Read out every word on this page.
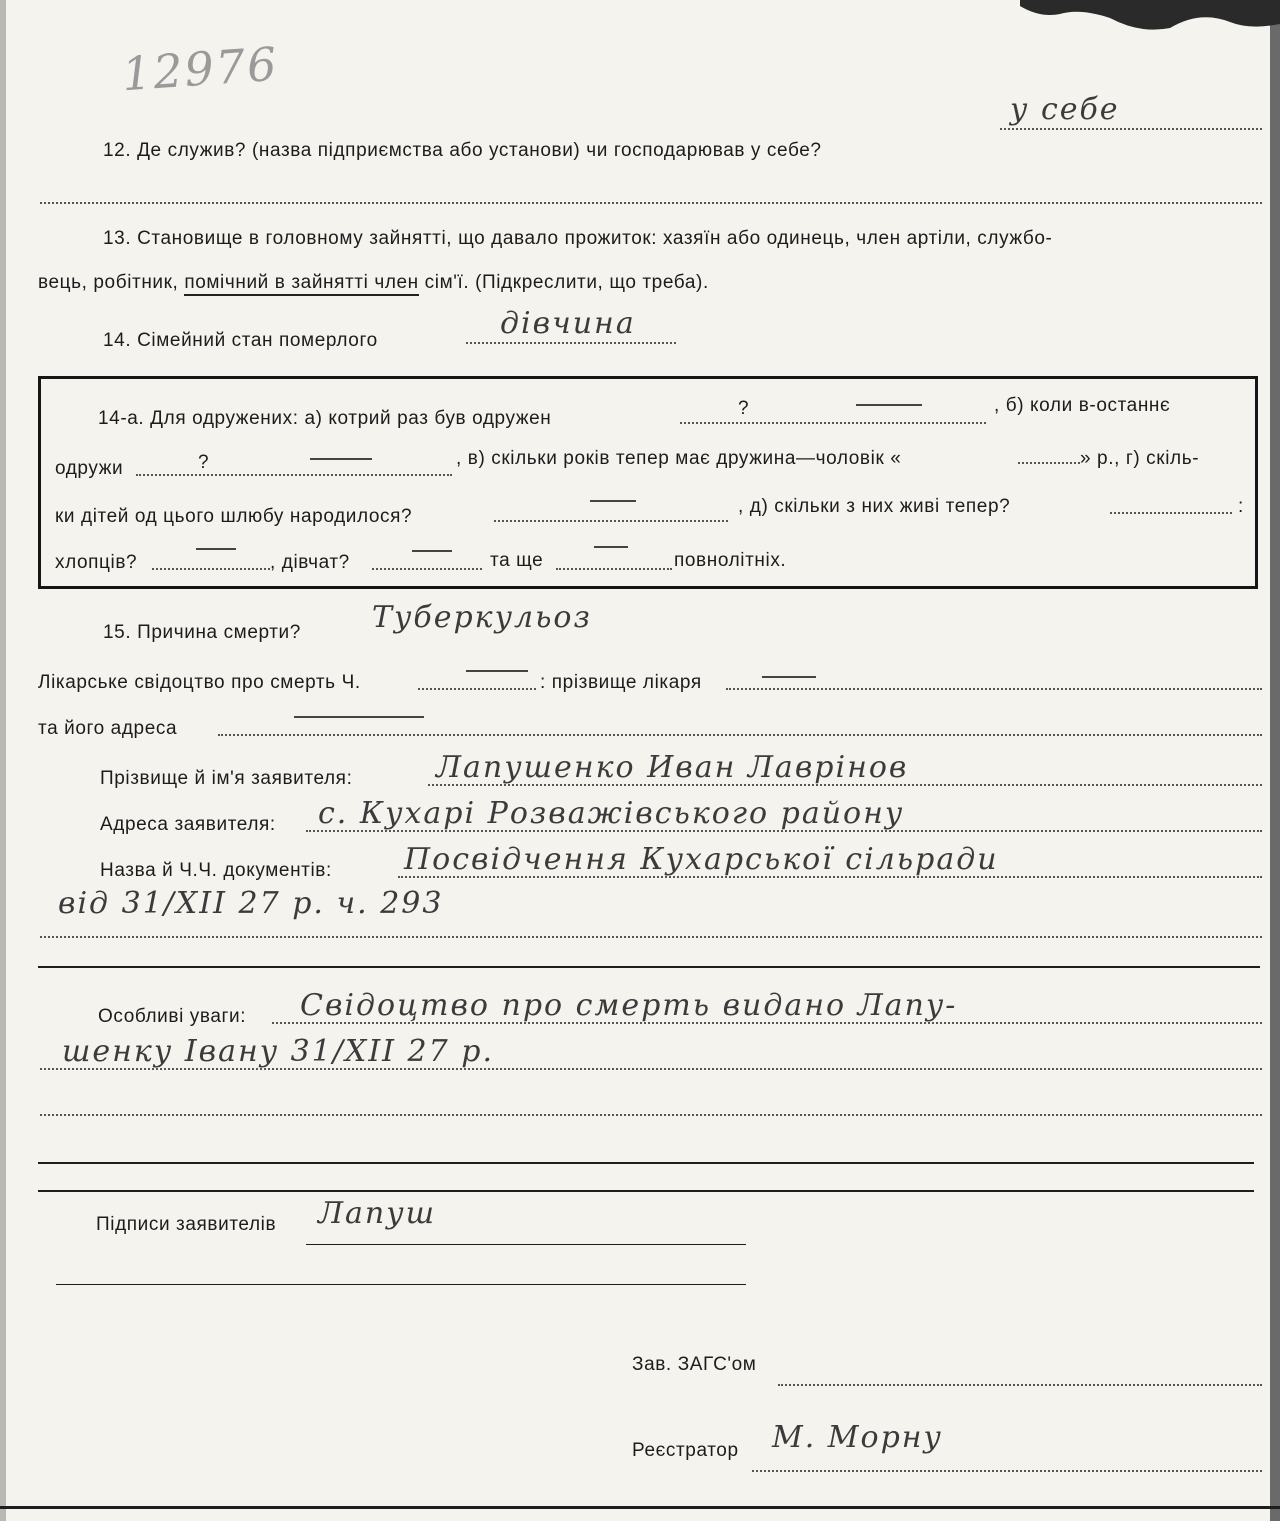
12976
12. Де служив? (назва підприємства або установи) чи господарював у себе?
у себе
13. Становище в головному зайнятті, що давало прожиток: хазяїн або одинець, член артіли, службо-
вець, робітник, помічний в зайнятті член сім'ї. (Підкреслити, що треба).
14. Сімейний стан померлого	дівчина
14-а. Для одружених: а) котрий раз був одружен	?	, б) коли в-останнє
одружи	?	, в) скільки років тепер має дружина—чоловік «	» р., г) скіль-
ки дітей од цього шлюбу народилося?	, д) скільки з них живі тепер?	:
хлопців?	, дівчат?	та ще	повнолітніх.
15. Причина смерти? Туберкульоз
Лікарське свідоцтво про смерть Ч.	: прізвище лікаря
та його адреса
Прізвище й ім'я заявителя:	Лапушенко Иван Лаврінов
Адреса заявителя: с. Кухарі Розважівського району
Назва й Ч.Ч. документів: Посвідчення Кухарської сільради
від 31/XII 27 р. ч. 293
Особливі уваги: Свідоцтво про смерть видано Лапу-
шенку Івану 31/XII 27 р.
Підписи заявителів Лапуш
Зав. ЗАГС'ом
Реєстратор М. Морну
